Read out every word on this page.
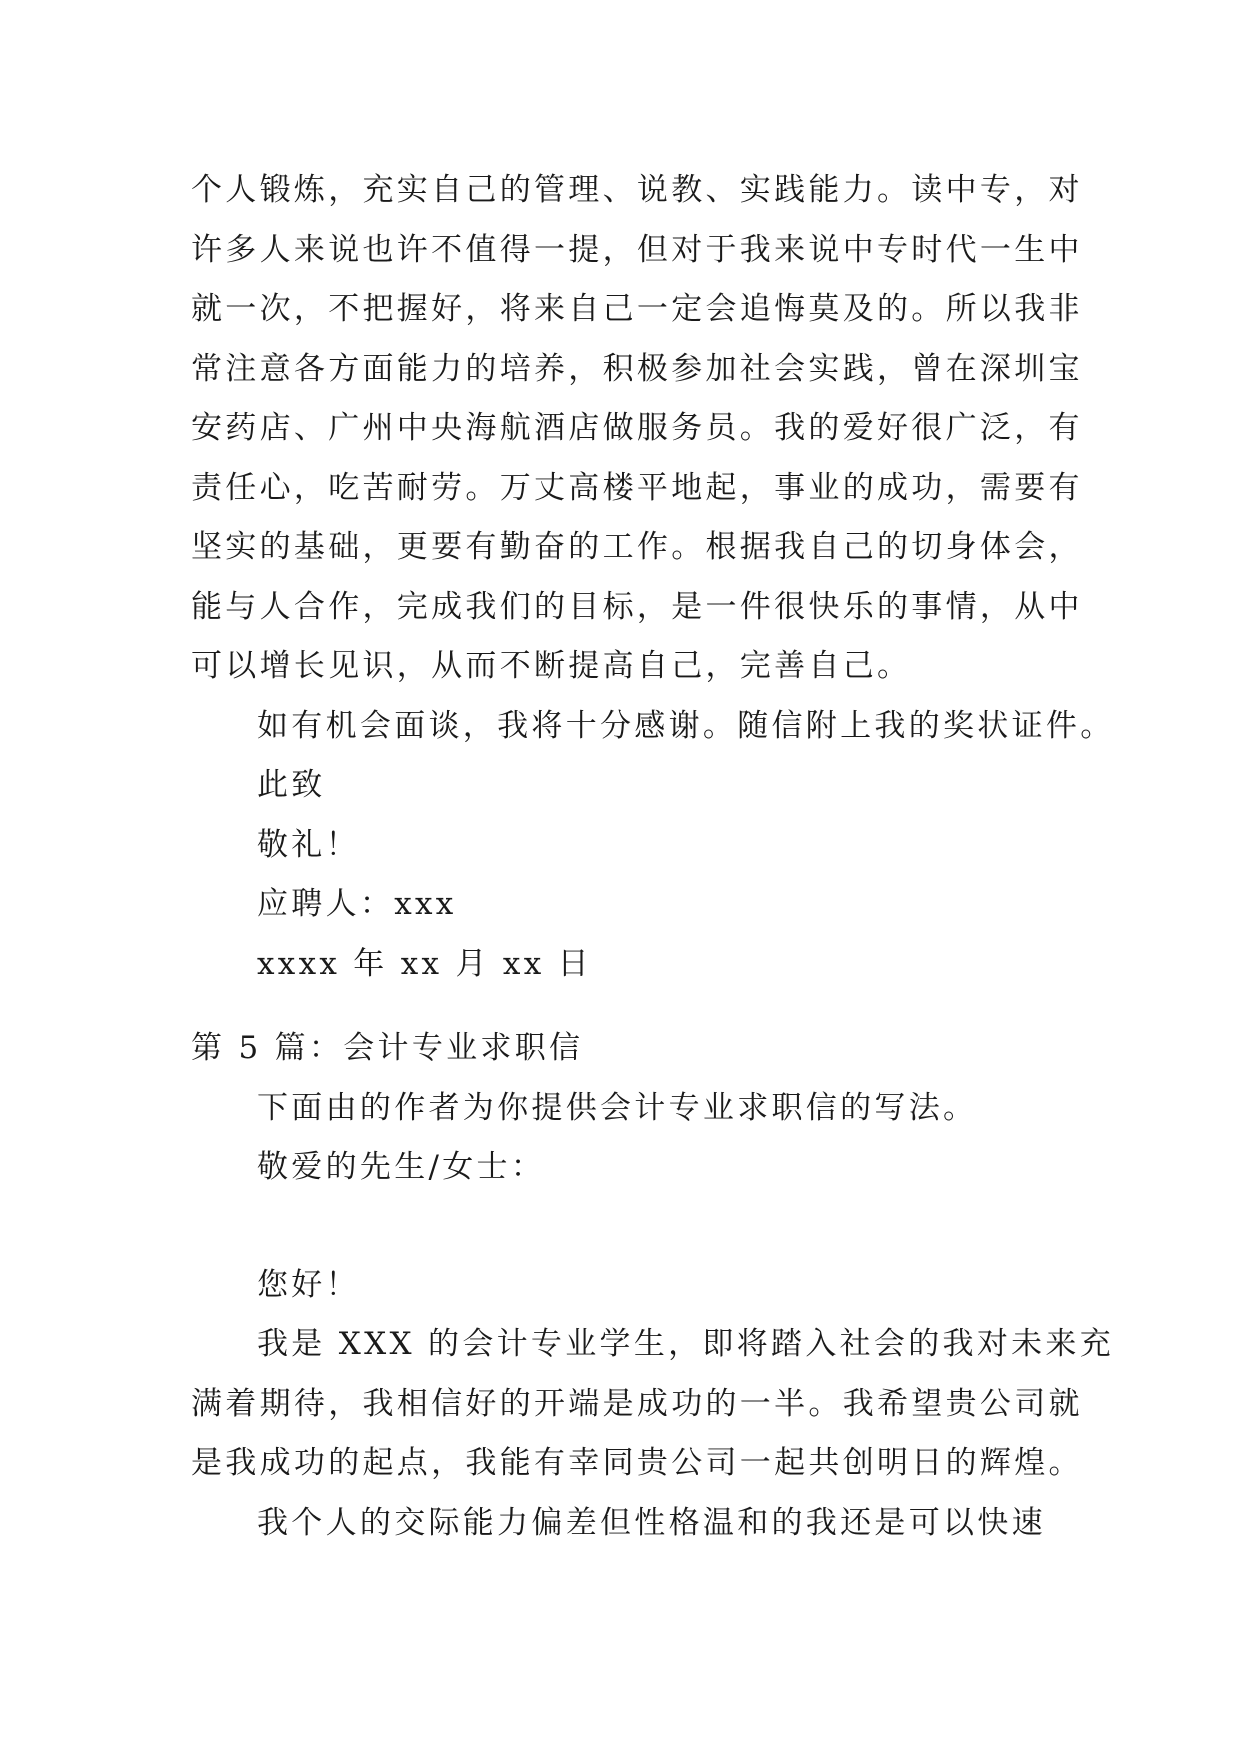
个人锻炼，充实自己的管理、说教、实践能力。读中专，对
许多人来说也许不值得一提，但对于我来说中专时代一生中
就一次，不把握好，将来自己一定会追悔莫及的。所以我非
常注意各方面能力的培养，积极参加社会实践，曾在深圳宝
安药店、广州中央海航酒店做服务员。我的爱好很广泛，有
责任心，吃苦耐劳。万丈高楼平地起，事业的成功，需要有
坚实的基础，更要有勤奋的工作。根据我自己的切身体会，
能与人合作，完成我们的目标，是一件很快乐的事情，从中
可以增长见识，从而不断提高自己，完善自己。
如有机会面谈，我将十分感谢。随信附上我的奖状证件。
此致
敬礼！
应聘人：xxx
xxxx 年 xx 月 xx 日
第 5 篇：会计专业求职信
下面由的作者为你提供会计专业求职信的写法。
敬爱的先生/女士：
您好！
我是 XXX 的会计专业学生，即将踏入社会的我对未来充
满着期待，我相信好的开端是成功的一半。我希望贵公司就
是我成功的起点，我能有幸同贵公司一起共创明日的辉煌。
我个人的交际能力偏差但性格温和的我还是可以快速
